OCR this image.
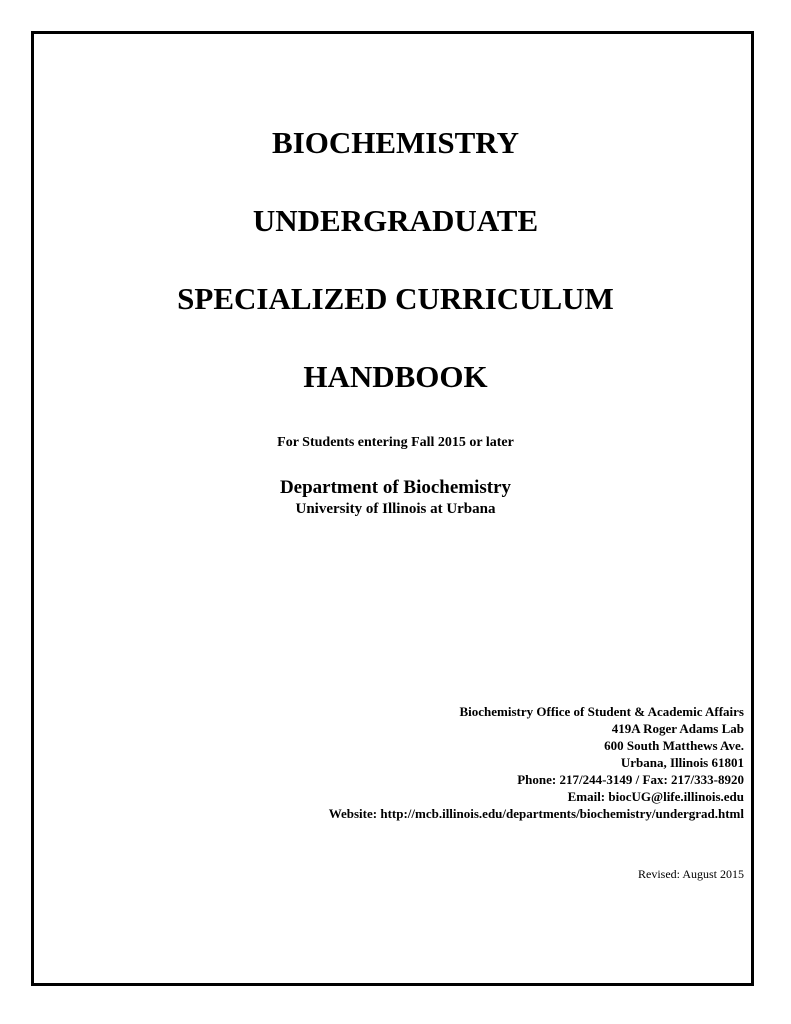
BIOCHEMISTRY
UNDERGRADUATE
SPECIALIZED CURRICULUM
HANDBOOK
For Students entering Fall 2015 or later
Department of Biochemistry
University of Illinois at Urbana
Biochemistry Office of Student & Academic Affairs
419A Roger Adams Lab
600 South Matthews Ave.
Urbana, Illinois 61801
Phone: 217/244-3149 / Fax: 217/333-8920
Email: biocUG@life.illinois.edu
Website: http://mcb.illinois.edu/departments/biochemistry/undergrad.html
Revised: August 2015
